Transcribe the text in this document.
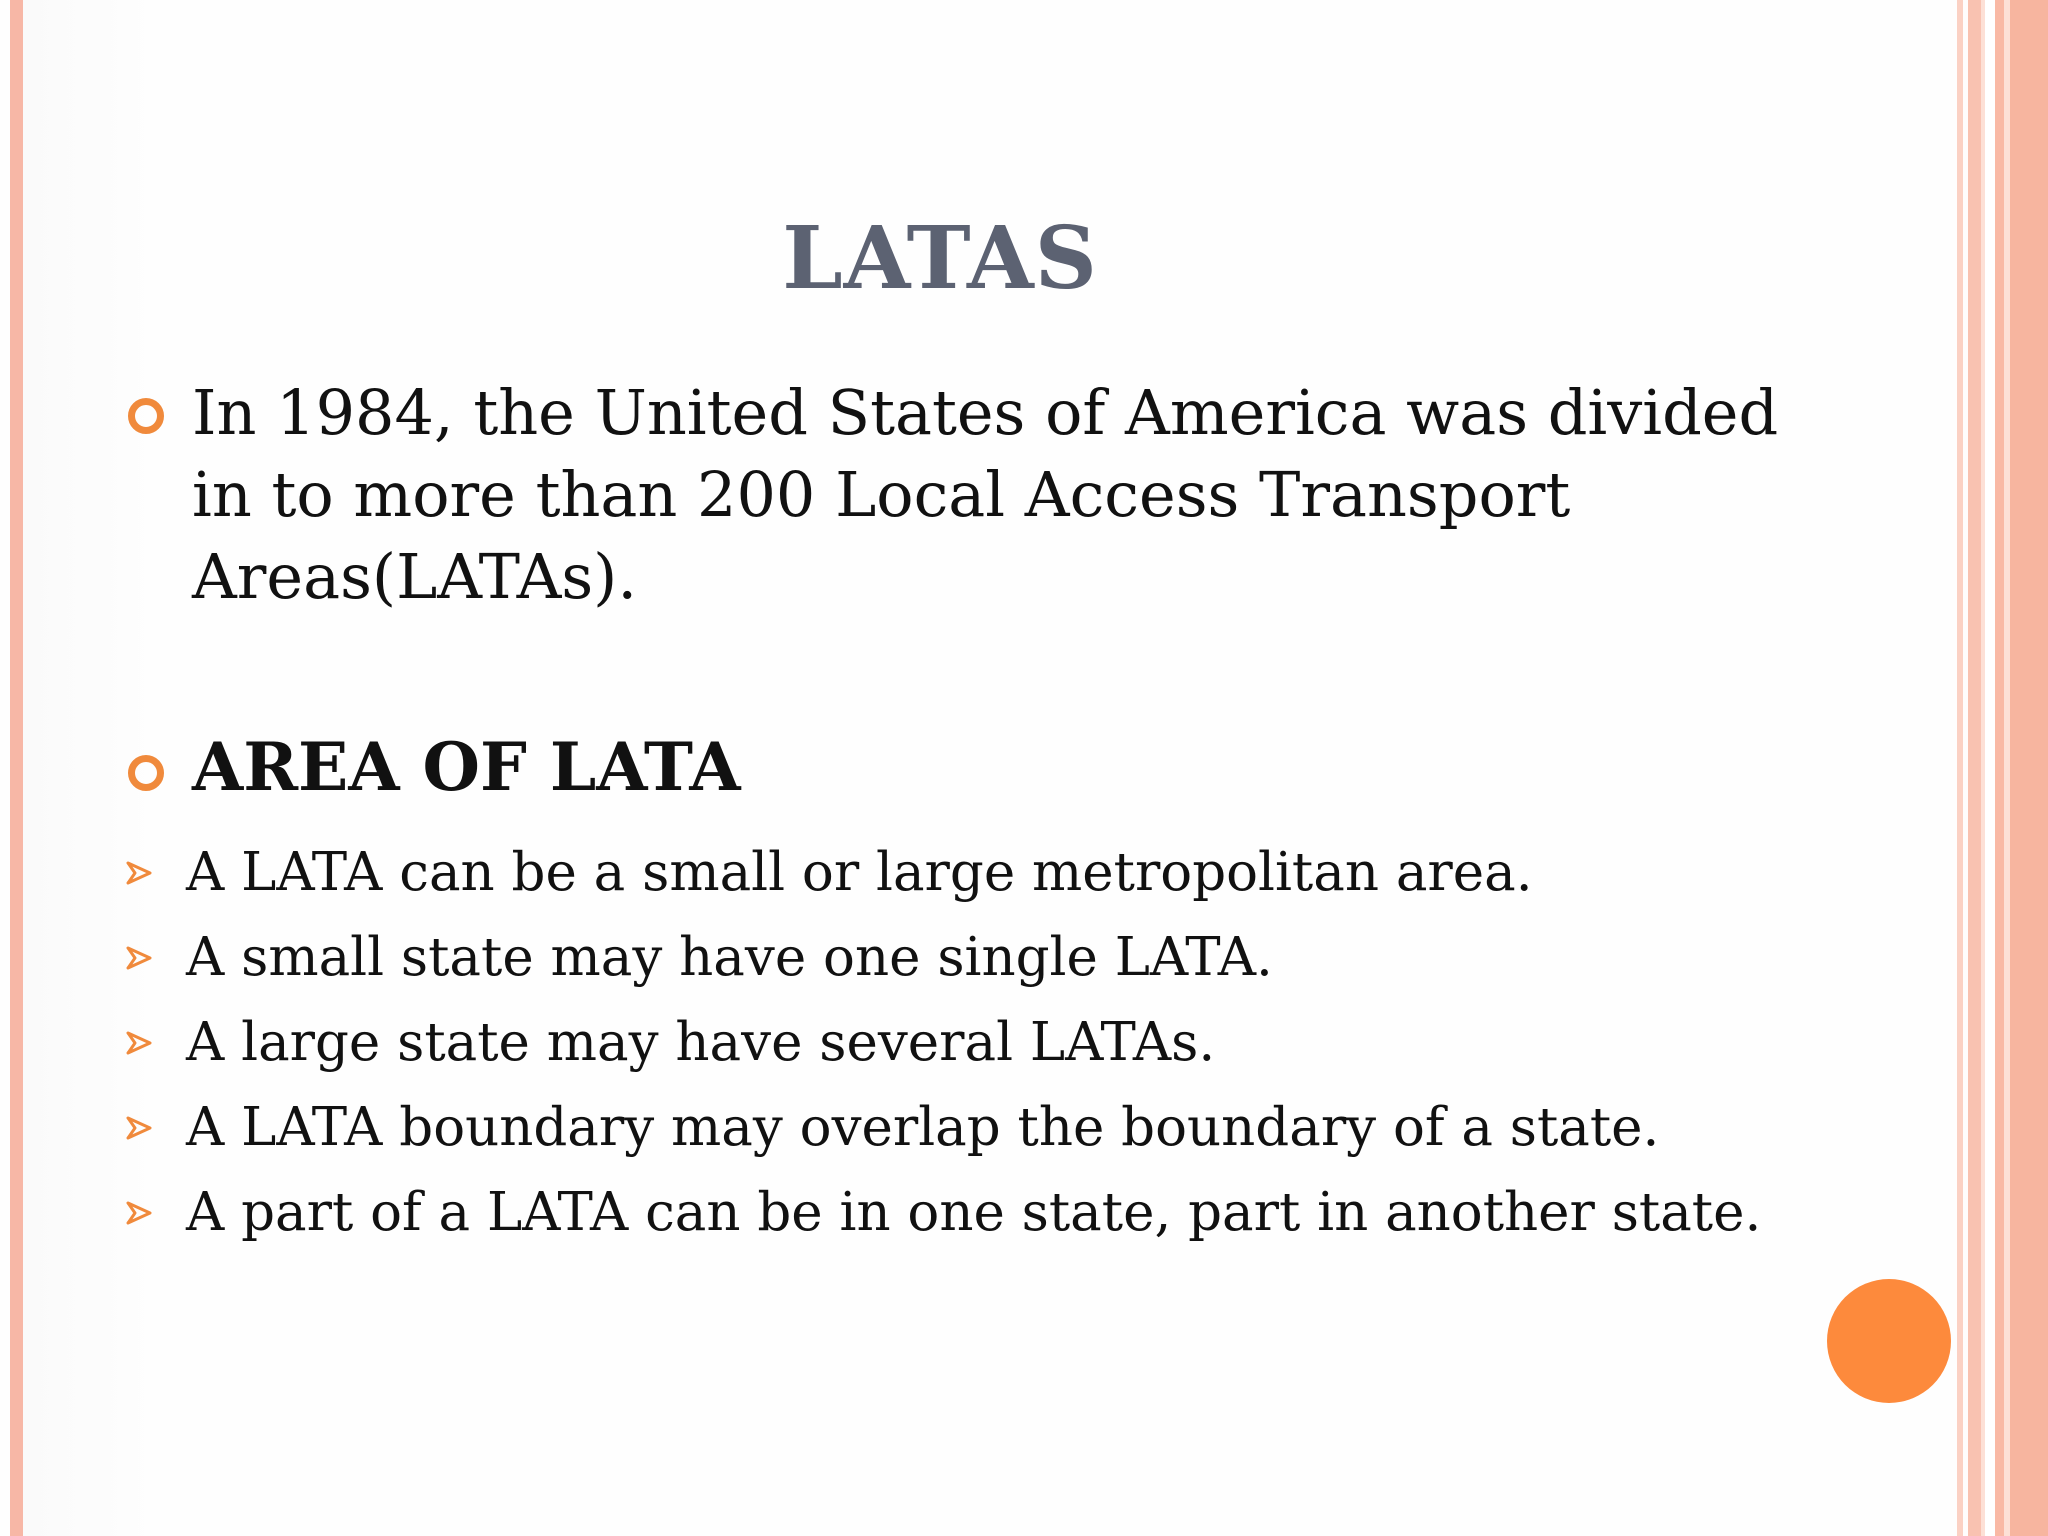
LATAS
In 1984, the United States of America was divided in to more than 200 Local Access Transport Areas(LATAs).
AREA OF LATA
A LATA can be a small or large metropolitan area.
A small state may have one single LATA.
A large state may have several LATAs.
A LATA boundary may overlap the boundary of a state.
A part of a LATA can be in one state, part in another state.
